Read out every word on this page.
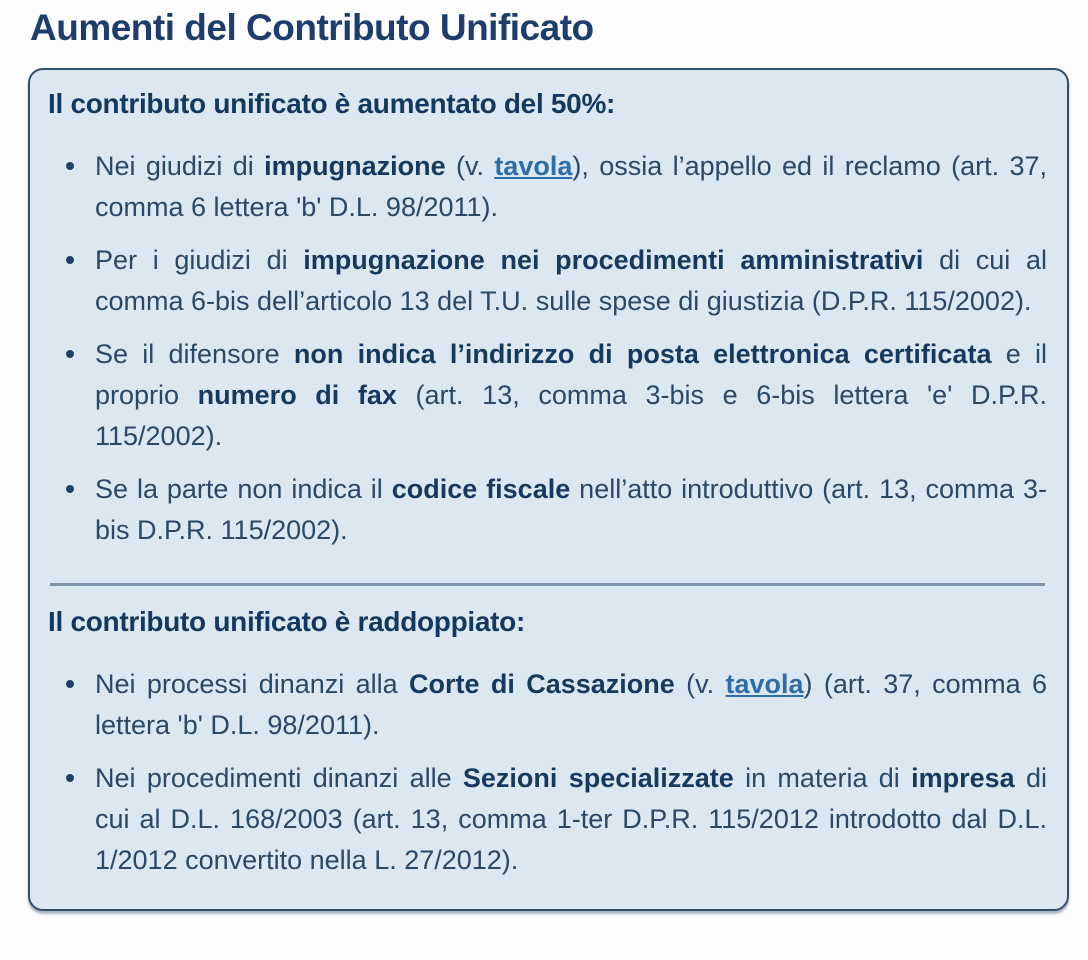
Aumenti del Contributo Unificato
Il contributo unificato è aumentato del 50%:
Nei giudizi di impugnazione (v. tavola), ossia l’appello ed il reclamo (art. 37, comma 6 lettera 'b' D.L. 98/2011).
Per i giudizi di impugnazione nei procedimenti amministrativi di cui al comma 6-bis dell’articolo 13 del T.U. sulle spese di giustizia (D.P.R. 115/2002).
Se il difensore non indica l’indirizzo di posta elettronica certificata e il proprio numero di fax (art. 13, comma 3-bis e 6-bis lettera 'e' D.P.R. 115/2002).
Se la parte non indica il codice fiscale nell’atto introduttivo (art. 13, comma 3-bis D.P.R. 115/2002).
Il contributo unificato è raddoppiato:
Nei processi dinanzi alla Corte di Cassazione (v. tavola) (art. 37, comma 6 lettera 'b' D.L. 98/2011).
Nei procedimenti dinanzi alle Sezioni specializzate in materia di impresa di cui al D.L. 168/2003 (art. 13, comma 1-ter D.P.R. 115/2012 introdotto dal D.L. 1/2012 convertito nella L. 27/2012).
